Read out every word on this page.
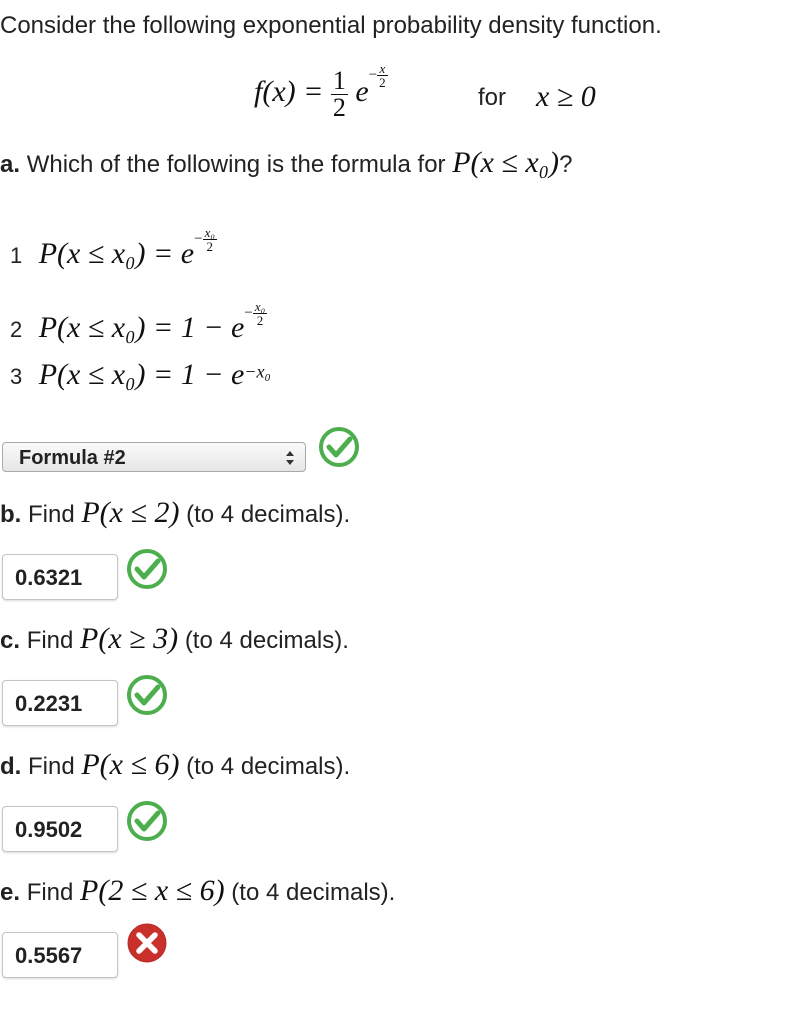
Consider the following exponential probability density function.
$f(x) = \frac{1}{2} e- \frac{x}{2}$
for x ≥ 0
a. Which of the following is the formula for P(x ≤ x₀)?
1 $P(x \le x_0) = e- \frac{\text{x₀}}{2}$
2 $P(x \le x_0) = 1 - e- \frac{\text{x₀}}{2}$
3 $P(x \le x_0) = 1 - e^{-x_0}$
Formula #2
b. Find P(x ≤ 2) (to 4 decimals).
0.6321
c. Find P(x ≥ 3) (to 4 decimals).
0.2231
d. Find P(x ≤ 6) (to 4 decimals).
0.9502
e. Find P(2 ≤ x ≤ 6) (to 4 decimals).
0.5567
